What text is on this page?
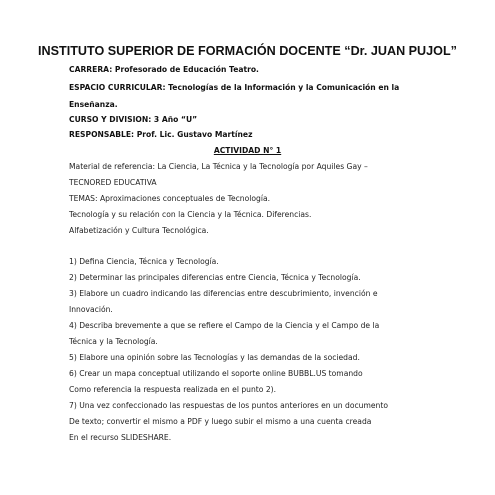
INSTITUTO SUPERIOR DE FORMACIÓN DOCENTE “Dr. JUAN PUJOL”
CARRERA: Profesorado de Educación Teatro.
ESPACIO CURRICULAR: Tecnologías de la Información y la Comunicación en la
Enseñanza.
CURSO Y DIVISION: 3 Año “U”
RESPONSABLE: Prof. Lic. Gustavo Martínez
ACTIVIDAD N° 1
Material de referencia: La Ciencia, La Técnica y la Tecnología por Aquiles Gay –
TECNORED EDUCATIVA
TEMAS: Aproximaciones conceptuales de Tecnología.
Tecnología y su relación con la Ciencia y la Técnica. Diferencias.
Alfabetización y Cultura Tecnológica.
1) Defina Ciencia, Técnica y Tecnología.
2) Determinar las principales diferencias entre Ciencia, Técnica y Tecnología.
3) Elabore un cuadro indicando las diferencias entre descubrimiento, invención e
Innovación.
4) Describa brevemente a que se refiere el Campo de la Ciencia y el Campo de la
Técnica y la Tecnología.
5) Elabore una opinión sobre las Tecnologías y las demandas de la sociedad.
6) Crear un mapa conceptual utilizando el soporte online BUBBL.US tomando
Como referencia la respuesta realizada en el punto 2).
7) Una vez confeccionado las respuestas de los puntos anteriores en un documento
De texto; convertir el mismo a PDF y luego subir el mismo a una cuenta creada
En el recurso SLIDESHARE.
